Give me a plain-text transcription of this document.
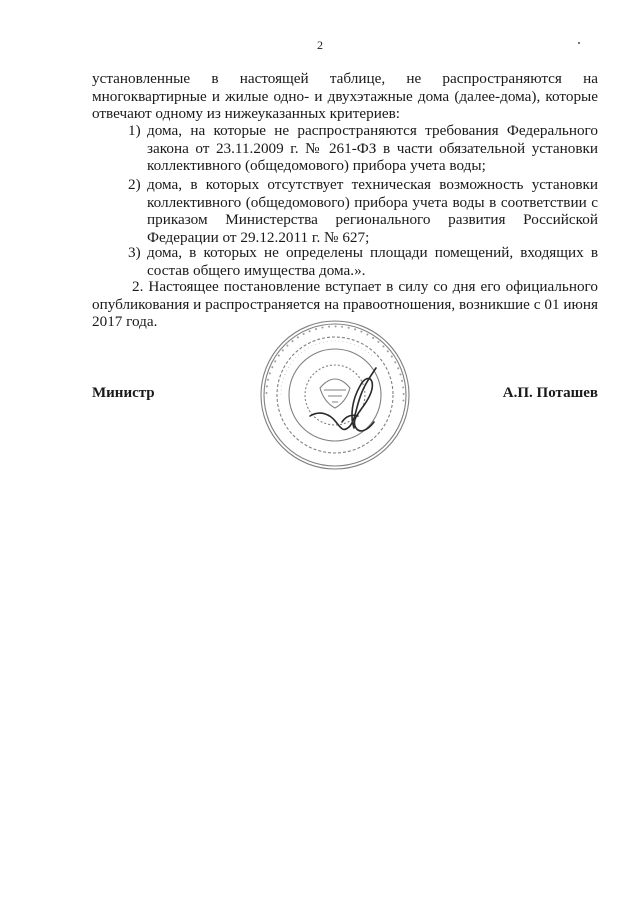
2
установленные в настоящей таблице, не распространяются на многоквартирные и жилые одно- и двухэтажные дома (далее-дома), которые отвечают одному из нижеуказанных критериев:

1) дома, на которые не распространяются требования Федерального закона от 23.11.2009 г. № 261-ФЗ в части обязательной установки коллективного (общедомового) прибора учета воды;

2) дома, в которых отсутствует техническая возможность установки коллективного (общедомового) прибора учета воды в соответствии с приказом Министерства регионального развития Российской Федерации от 29.12.2011 г. № 627;

3) дома, в которых не определены площади помещений, входящих в состав общего имущества дома.».

2. Настоящее постановление вступает в силу со дня его официального опубликования и распространяется на правоотношения, возникшие с 01 июня 2017 года.
• • • • • • • • • • • • • • • • • • • • • • • • • • • • • • • • • •
· · · · · · · · · · · · · · · · · · · · · · · · · · · · · · · ·
Министр	А.П. Поташев
